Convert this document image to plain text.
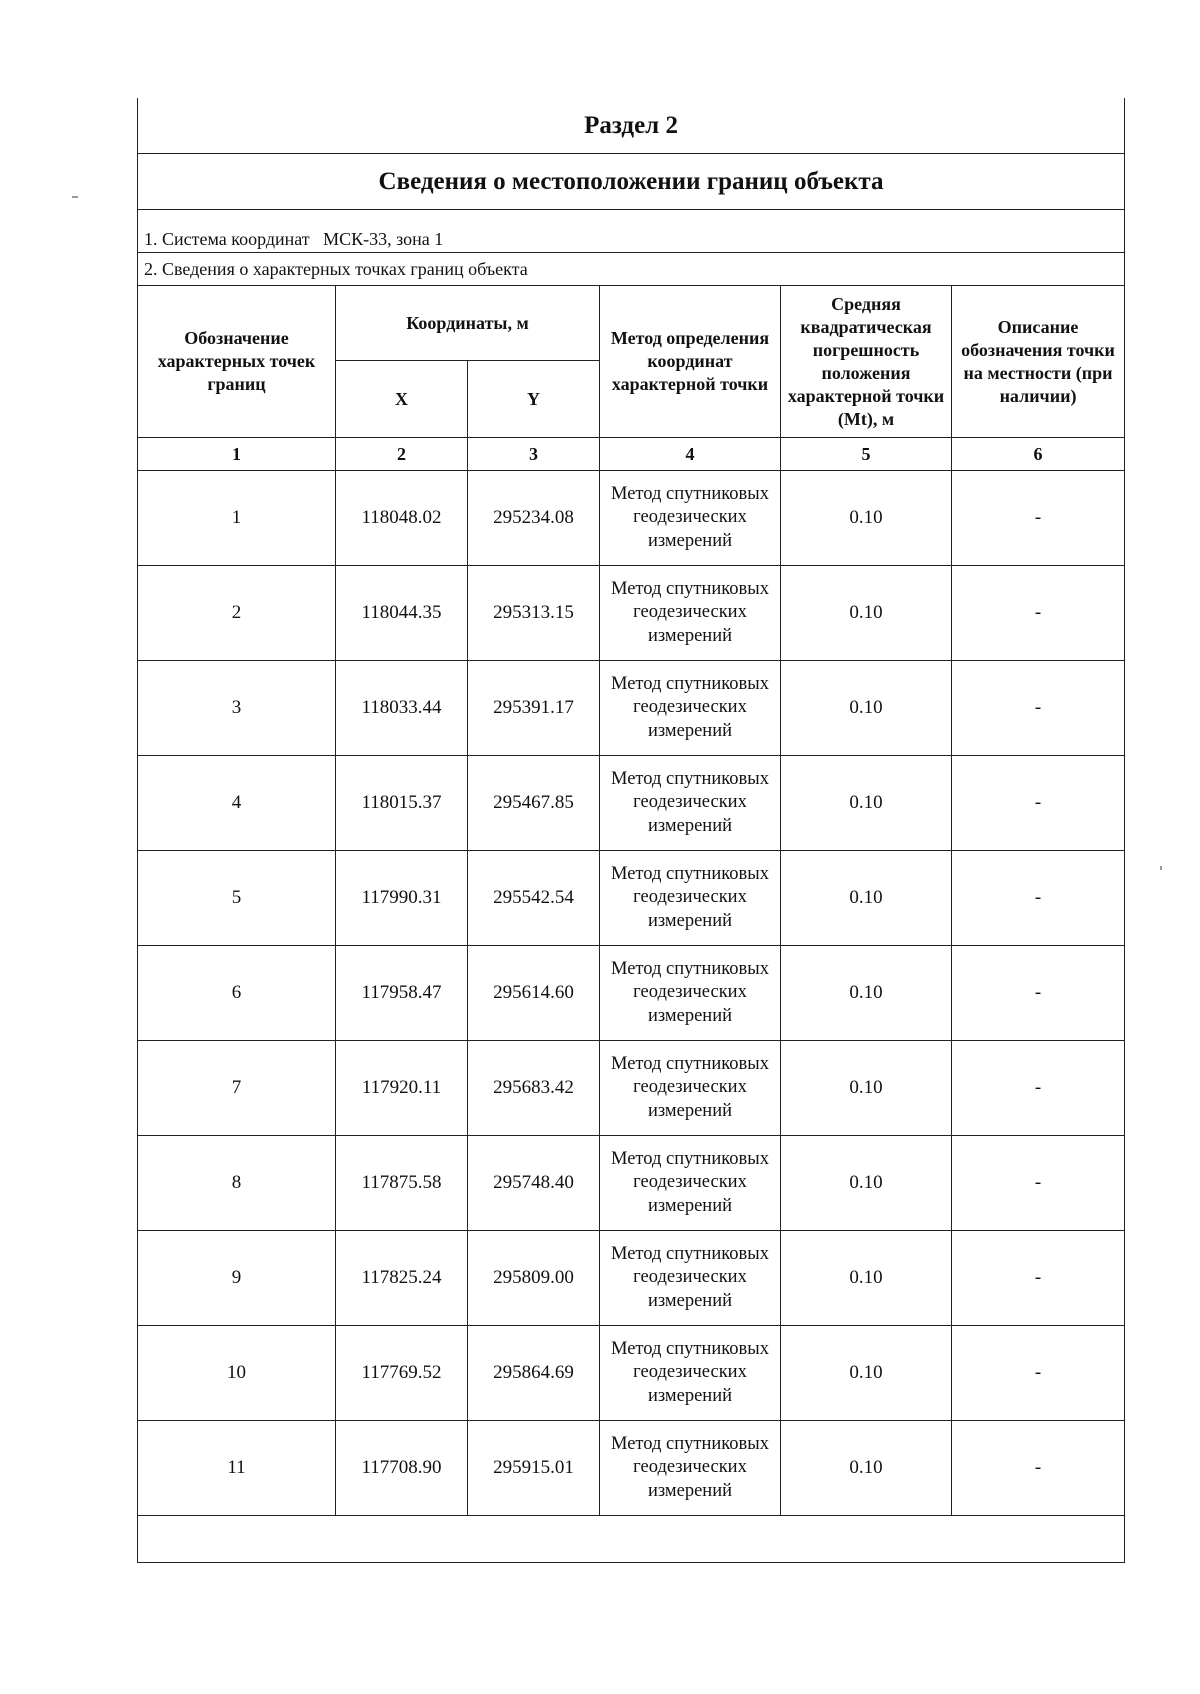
Раздел 2					
Сведения о местоположении границ объекта					
1. Система координат МСК-33, зона 1					
2. Сведения о характерных точках границ объекта					
Обозначение характерных точек границ	Координаты, м		Метод определения координат характерной точки	Средняя квадратическая погрешность положения характерной точки (Mt), м	Описание обозначения точки на местности (при наличии)
	X	Y			
1	2	3	4	5	6
1	118048.02	295234.08	Метод спутниковых геодезических измерений	0.10	-
2	118044.35	295313.15	Метод спутниковых геодезических измерений	0.10	-
3	118033.44	295391.17	Метод спутниковых геодезических измерений	0.10	-
4	118015.37	295467.85	Метод спутниковых геодезических измерений	0.10	-
5	117990.31	295542.54	Метод спутниковых геодезических измерений	0.10	-
6	117958.47	295614.60	Метод спутниковых геодезических измерений	0.10	-
7	117920.11	295683.42	Метод спутниковых геодезических измерений	0.10	-
8	117875.58	295748.40	Метод спутниковых геодезических измерений	0.10	-
9	117825.24	295809.00	Метод спутниковых геодезических измерений	0.10	-
10	117769.52	295864.69	Метод спутниковых геодезических измерений	0.10	-
11	117708.90	295915.01	Метод спутниковых геодезических измерений	0.10	-
